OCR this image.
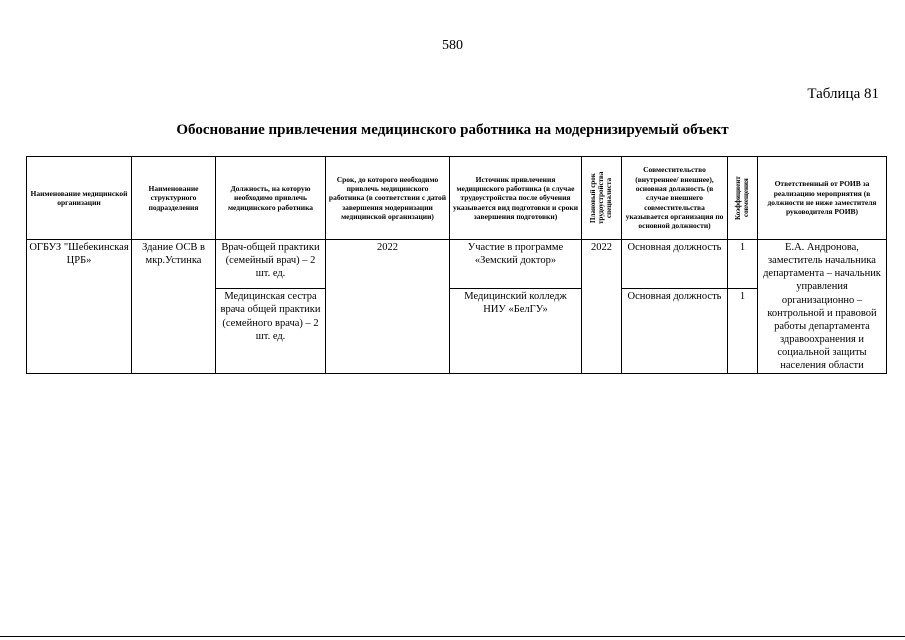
580
Таблица 81
Обоснование привлечения медицинского работника на модернизируемый объект
Наименование медицинской организации	Наименование структурного подразделения	Должность, на которую необходимо привлечь медицинского работника	Срок, до которого необходимо привлечь медицинского работника (в соответствии с датой завершения модернизации медицинской организации)	Источник привлечения медицинского работника (в случае трудоустройства после обучения указывается вид подготовки и сроки завершения подготовки)	Плановый срок трудоустройства специалиста	Совместительство (внутреннее/ внешнее), основная должность (в случае внешнего совместительства указывается организация по основной должности)	Коэффициент совмещения	Ответственный от РОИВ за реализацию мероприятия (в должности не ниже заместителя руководителя РОИВ)
ОГБУЗ "Шебекинская ЦРБ»	Здание ОСВ в мкр.Устинка	Врач-общей практики (семейный врач) – 2 шт. ед.	2022	Участие в программе «Земский доктор»	2022	Основная должность	1	Е.А. Андронова, заместитель начальника департамента – начальник управления организационно – контрольной и правовой работы департамента здравоохранения и социальной защиты населения области
		Медицинская сестра врача общей практики (семейного врача) – 2 шт. ед.		Медицинский колледж НИУ «БелГУ»		Основная должность	1	
